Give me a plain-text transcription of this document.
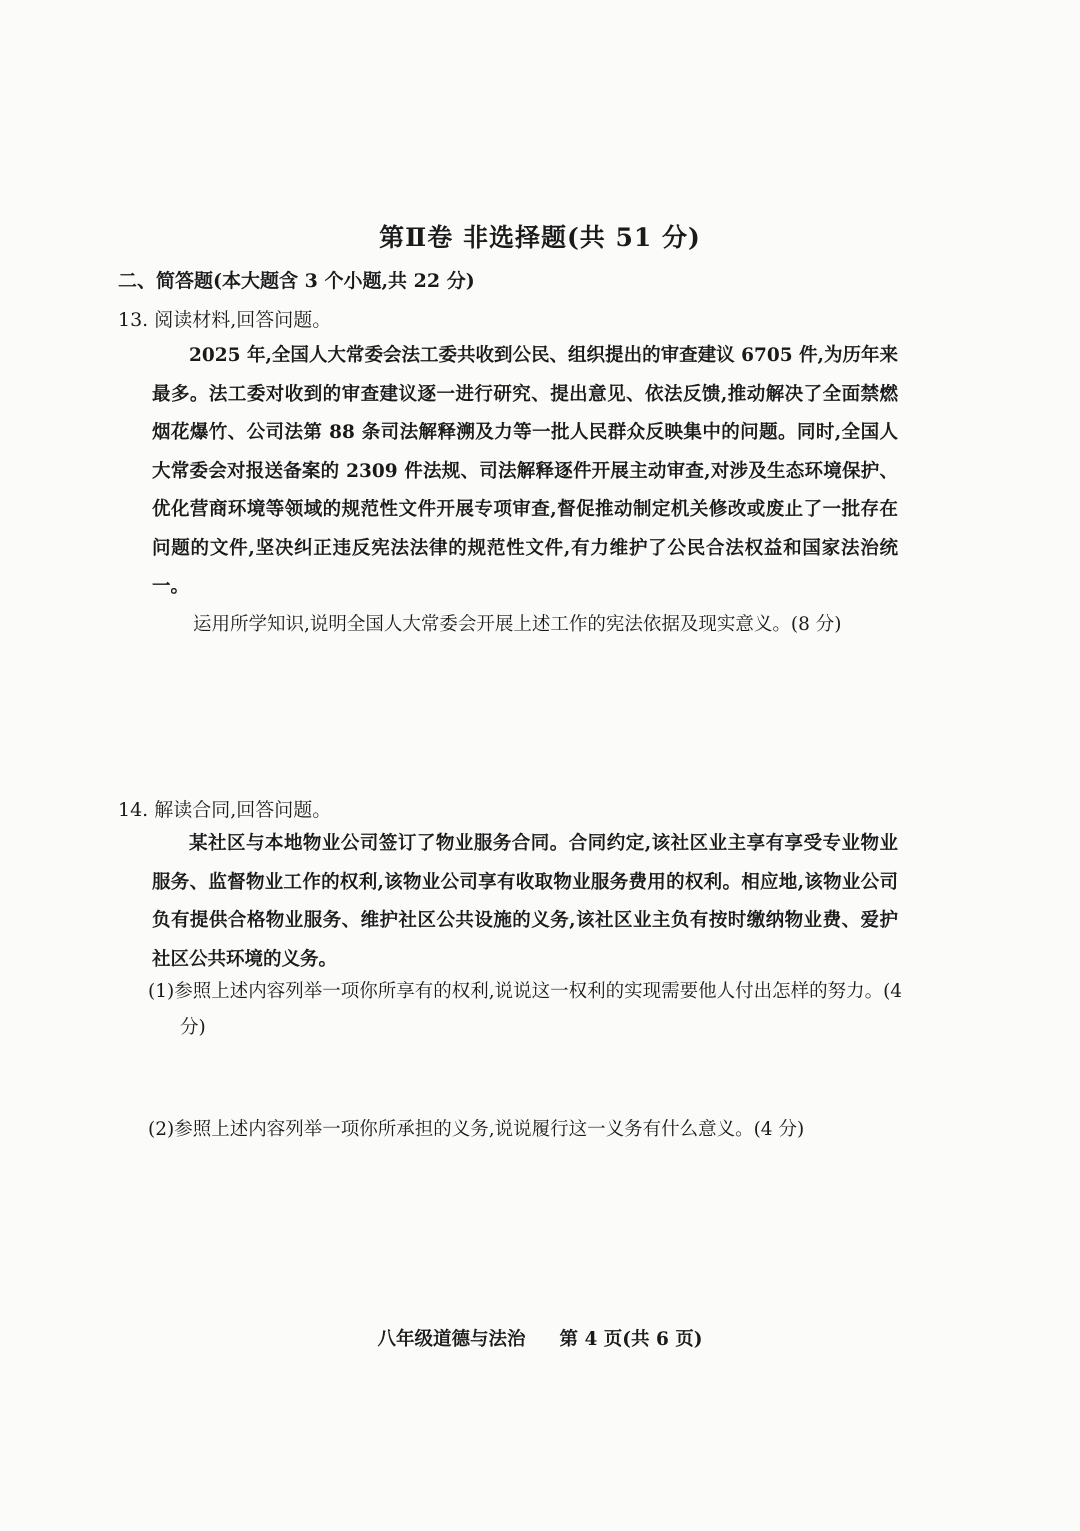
第Ⅱ卷 非选择题(共 51 分)
二、简答题(本大题含 3 个小题,共 22 分)
13. 阅读材料,回答问题。

2025 年,全国人大常委会法工委共收到公民、组织提出的审查建议 6705 件,为历年来最多。法工委对收到的审查建议逐一进行研究、提出意见、依法反馈,推动解决了全面禁燃烟花爆竹、公司法第 88 条司法解释溯及力等一批人民群众反映集中的问题。同时,全国人大常委会对报送备案的 2309 件法规、司法解释逐件开展主动审查,对涉及生态环境保护、优化营商环境等领域的规范性文件开展专项审查,督促推动制定机关修改或废止了一批存在问题的文件,坚决纠正违反宪法法律的规范性文件,有力维护了公民合法权益和国家法治统一。

运用所学知识,说明全国人大常委会开展上述工作的宪法依据及现实意义。(8 分)
14. 解读合同,回答问题。

某社区与本地物业公司签订了物业服务合同。合同约定,该社区业主享有享受专业物业服务、监督物业工作的权利,该物业公司享有收取物业服务费用的权利。相应地,该物业公司负有提供合格物业服务、维护社区公共设施的义务,该社区业主负有按时缴纳物业费、爱护社区公共环境的义务。

(1)参照上述内容列举一项你所享有的权利,说说这一权利的实现需要他人付出怎样的努力。(4 分)

(2)参照上述内容列举一项你所承担的义务,说说履行这一义务有什么意义。(4 分)

八年级道德与法治 第 4 页(共 6 页)
